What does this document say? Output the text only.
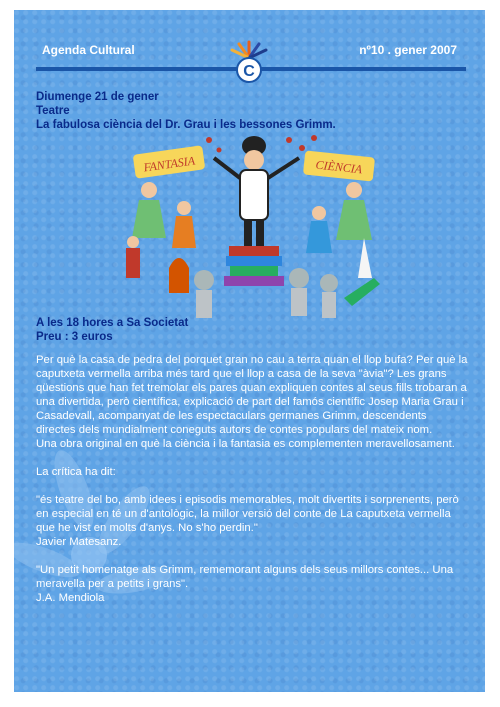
Agenda Cultural	nº10 . gener 2007
C
Diumenge 21 de gener
Teatre
La fabulosa ciència del Dr. Grau i les bessones Grimm.
FANTASIA	CIÈNCIA
A les 18 hores a Sa Societat
Preu : 3 euros

Per què la casa de pedra del porquet gran no cau a terra quan el llop bufa? Per què la caputxeta vermella arriba més tard que el llop a casa de la seva "àvia"? Les grans qüestions que han fet tremolar els pares quan expliquen contes al seus fills trobaran a una divertida, però científica, explicació de part del famós científic Josep Maria Grau i Casadevall, acompanyat de les espectaculars germanes Grimm, descendents directes dels mundialment coneguts autors de contes populars del mateix nom.

Una obra original en què la ciència i la fantasia es complementen meravellosament.

La crítica ha dit:

"és teatre del bo, amb idees i episodis memorables, molt divertits i sorprenents, però en especial en té un d'antològic, la millor versió del conte de La caputxeta vermella que he vist en molts d'anys. No s'ho perdin."

Javier Matesanz.

"Un petit homenatge als Grimm, rememorant alguns dels seus millors contes... Una meravella per a petits i grans".

J.A. Mendiola
